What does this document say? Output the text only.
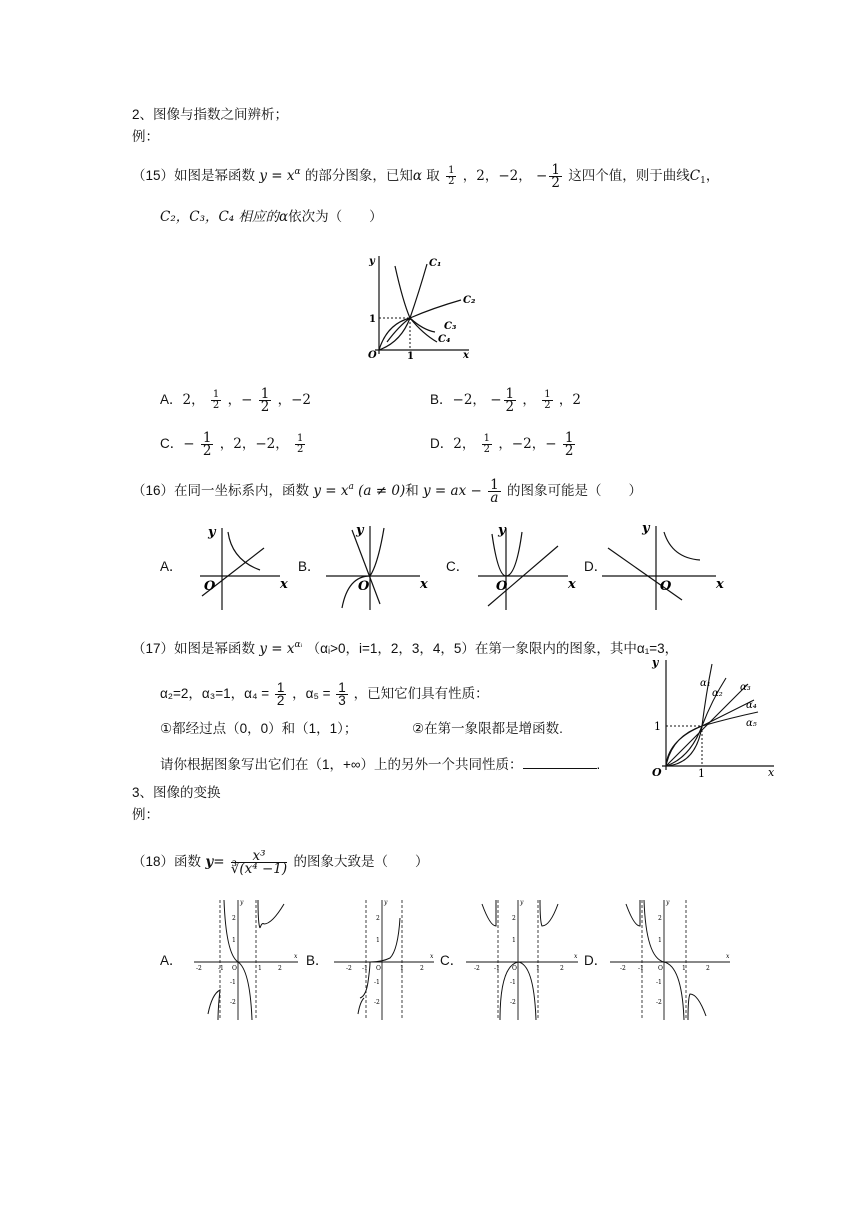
2、图像与指数之间辨析；
例：
（15）如图是幂函数 $y = x^\alpha$ 的部分图象，已知α 取 $\frac{1}{2}$ ，2，−2， − $\frac{1}{2}$ 这四个值，则于曲线$C_1$，
C₂，C₃，C₄ 相应的α依次为（　　）
y
x
O	1
1
C₁
C₂
C₃
C₄
A．2， $\frac{1}{2}$ ，− $\frac{1}{2}$ ，−2	B．−2， − $\frac{1}{2}$ ， $\frac{1}{2}$ ，2
C．− $\frac{1}{2}$ ，2，−2， $\frac{1}{2}$	D．2， $\frac{1}{2}$ ，−2，− $\frac{1}{2}$
（16）在同一坐标系内，函数 $y = x^a$ (a ≠ 0)和 y = ax − $\frac{1}{a}$ 的图象可能是（　　）
A．
y
x
O
B．
y
x
O
C．
y
x
O
D．
y
x
O
（17）如图是幂函数 $y = x^{\alpha ᵢ}$ （αᵢ>0，i=1，2，3，4，5）在第一象限内的图象，其中α₁=3，
α₂=2，α₃=1，$\alpha_4 = \frac{1}{2}$ ，$\alpha_5 = \frac{1}{3}$ ，已知它们具有性质：
①都经过点（0，0）和（1，1）；	②在第一象限都是增函数.
请你根据图象写出它们在（1，+∞）上的另外一个共同性质：	.
y
x
O	1
1
α₁
α₂
α₃
α₄
α₅
3、图像的变换
例：
（18）函数 $y= \frac{\text{x³}}{\text{∛(x⁴ −1)}}$ 的图象大致是（　　）
A．
-2	-1	1	2
2
1
-1
-2
O
y
x B．
-2 -1	1	2
2
1
-1
-2
O
y
x C．
-2 -1	1	2
2
1
-1
-2
O
y
x D．
-2 -1	1	2
2
1
-1
-2
O
y
x
